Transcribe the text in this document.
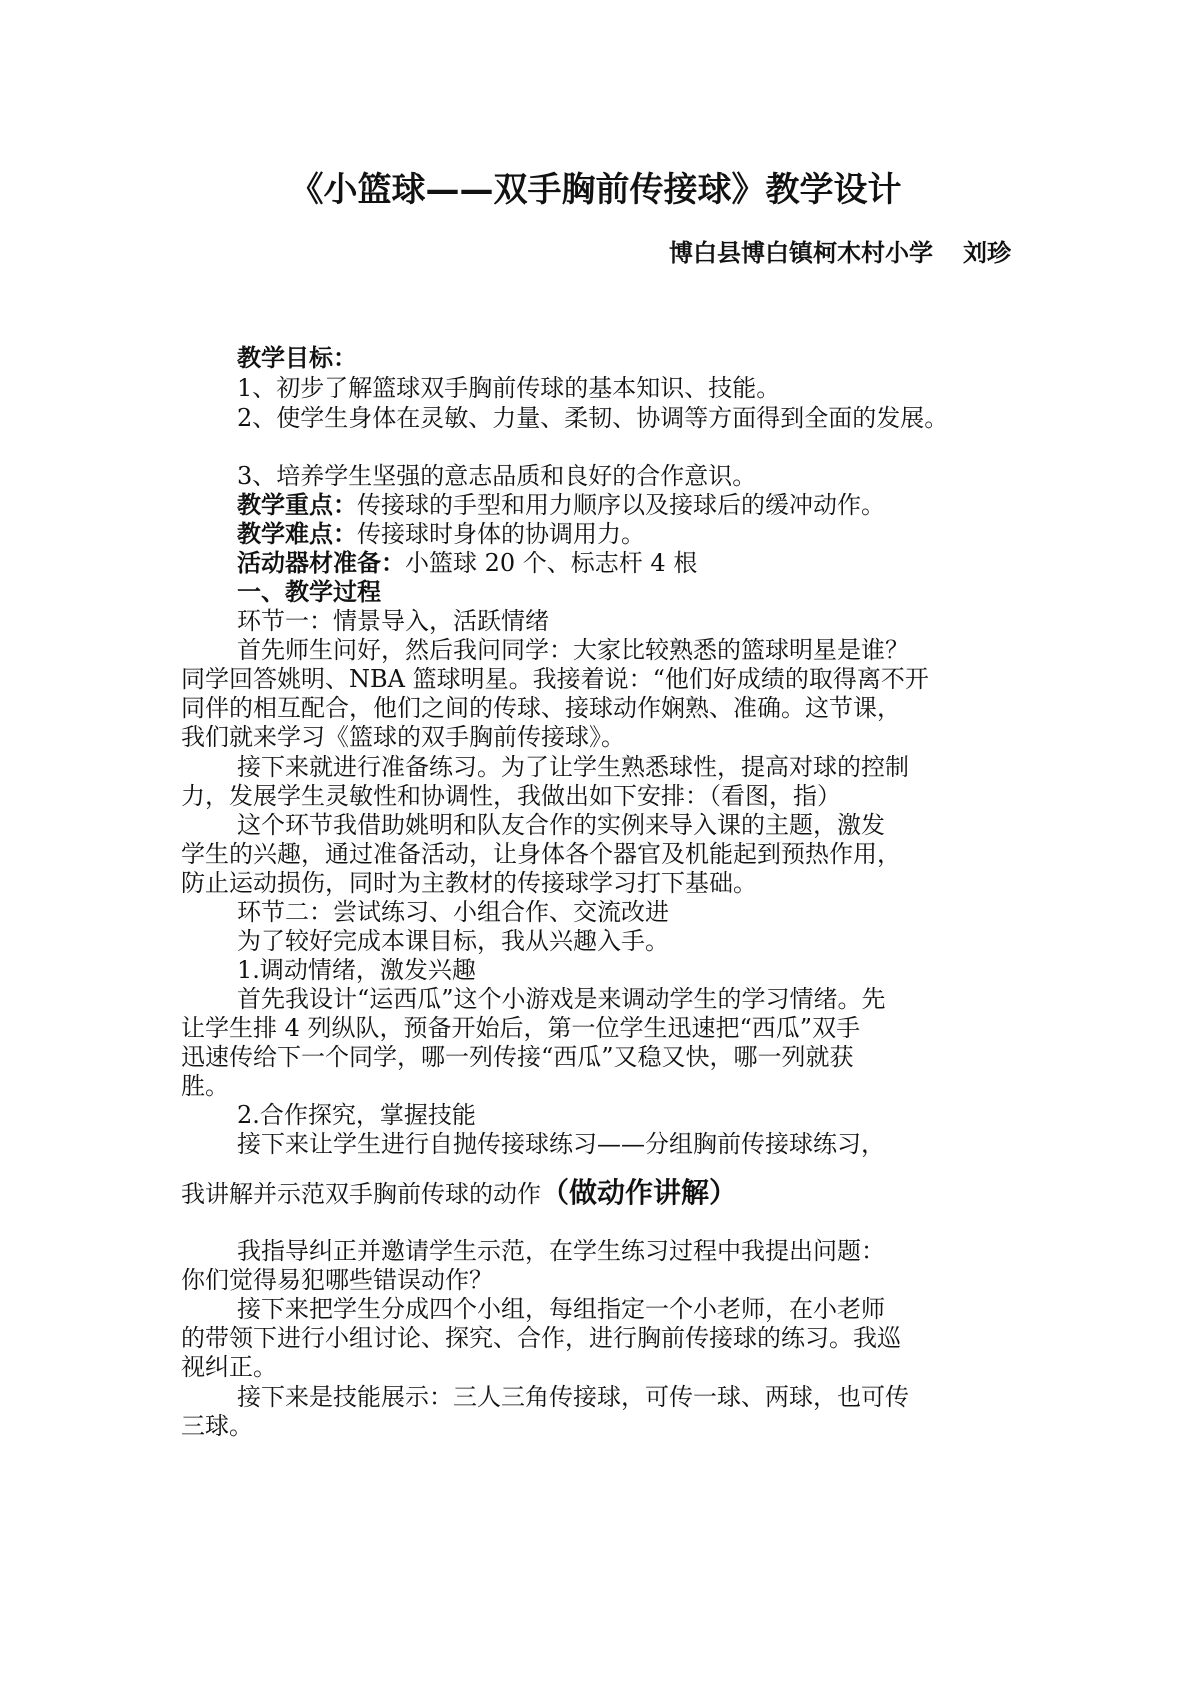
《小篮球——双手胸前传接球》教学设计
博白县博白镇柯木村小学 刘珍
教学目标：
1、初步了解篮球双手胸前传球的基本知识、技能。
2、使学生身体在灵敏、力量、柔韧、协调等方面得到全面的发展。
3、培养学生坚强的意志品质和良好的合作意识。
教学重点：传接球的手型和用力顺序以及接球后的缓冲动作。
教学难点：传接球时身体的协调用力。
活动器材准备：小篮球 20 个、标志杆 4 根
一、教学过程
环节一：情景导入，活跃情绪
首先师生问好，然后我问同学：大家比较熟悉的篮球明星是谁？
同学回答姚明、NBA 篮球明星。我接着说：“他们好成绩的取得离不开
同伴的相互配合，他们之间的传球、接球动作娴熟、准确。这节课，
我们就来学习《篮球的双手胸前传接球》。
接下来就进行准备练习。为了让学生熟悉球性，提高对球的控制
力，发展学生灵敏性和协调性，我做出如下安排：（看图，指）
这个环节我借助姚明和队友合作的实例来导入课的主题，激发
学生的兴趣，通过准备活动，让身体各个器官及机能起到预热作用，
防止运动损伤，同时为主教材的传接球学习打下基础。
环节二：尝试练习、小组合作、交流改进
为了较好完成本课目标，我从兴趣入手。
1.调动情绪，激发兴趣
首先我设计“运西瓜”这个小游戏是来调动学生的学习情绪。先
让学生排 4 列纵队，预备开始后，第一位学生迅速把“西瓜”双手
迅速传给下一个同学，哪一列传接“西瓜”又稳又快，哪一列就获
胜。
2.合作探究，掌握技能
接下来让学生进行自抛传接球练习——分组胸前传接球练习，
我讲解并示范双手胸前传球的动作（做动作讲解）
我指导纠正并邀请学生示范，在学生练习过程中我提出问题：
你们觉得易犯哪些错误动作？
接下来把学生分成四个小组，每组指定一个小老师，在小老师
的带领下进行小组讨论、探究、合作，进行胸前传接球的练习。我巡
视纠正。
接下来是技能展示：三人三角传接球，可传一球、两球，也可传
三球。
